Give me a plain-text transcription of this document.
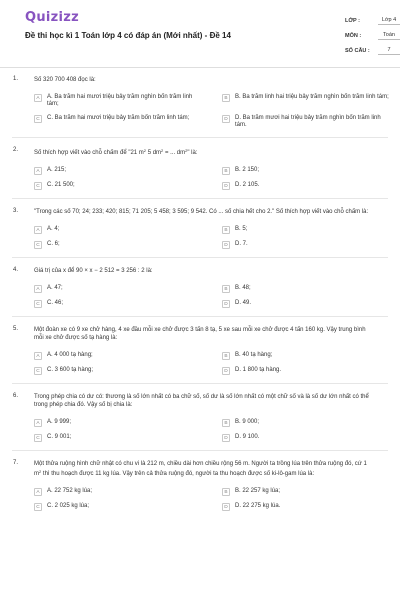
Quizizz
Đề thi học kì 1 Toán lớp 4 có đáp án (Mới nhất) - Đề 14
LỚP :	Lớp 4
MÔN :	Toán
SỐ CÂU :	7
1.	Số 320 700 408 đọc là:
A	A. Ba trăm hai mươi triệu bảy trăm nghìn bốn trăm linh tám;
B	B. Ba trăm linh hai triệu bảy trăm nghìn bốn trăm linh tám;
C	C. Ba trăm hai mươi triệu bảy trăm bốn trăm linh tám;	D	D. Ba trăm mươi hai triệu bảy trăm nghìn bốn trăm linh tám.
2.	Số thích hợp viết vào chỗ chấm để "21 $m^2$ 5 $dm^2$ = ... $dm^2$" là:
A	A. 215;	B	B. 2 150;
C	C. 21 500;	D	D. 2 105.
3.	"Trong các số 70; 24; 233; 420; 815; 71 205; 5 458; 3 595; 9 542. Có ... số chia hết cho 2." Số thích hợp viết vào chỗ chấm là:
A	A. 4;	B	B. 5;
C	C. 6;	D	D. 7.
4.	Giá trị của x để 90 × x − 2 512 = 3 256 : 2 là:
A	A. 47;	B	B. 48;
C	C. 46;	D	D. 49.
5.	Một đoàn xe có 9 xe chở hàng, 4 xe đầu mỗi xe chở được 3 tấn 8 tạ, 5 xe sau mỗi xe chở được 4 tấn 160 kg. Vậy trung bình mỗi xe chở được số tạ hàng là:
A	A. 4 000 tạ hàng;	B	B. 40 tạ hàng;
C	C. 3 600 tạ hàng;	D	D. 1 800 tạ hàng.
6.	Trong phép chia có dư có: thương là số lớn nhất có ba chữ số, số dư là số lớn nhất có một chữ số và là số dư lớn nhất có thể trong phép chia đó. Vậy số bị chia là:
A	A. 9 999;	B	B. 9 000;
C	C. 9 001;	D	D. 9 100.
7.	Một thửa ruộng hình chữ nhật có chu vi là 212 m, chiều dài hơn chiều rộng 56 m. Người ta trồng lúa trên thửa ruộng đó, cứ 1 $m^2$ thì thu hoạch được 11 kg lúa. Vậy trên cả thửa ruộng đó, người ta thu hoạch được số ki-lô-gam lúa là:
A	A. 22 752 kg lúa;	B	B. 22 257 kg lúa;
C	C. 2 025 kg lúa;	D	D. 22 275 kg lúa.
